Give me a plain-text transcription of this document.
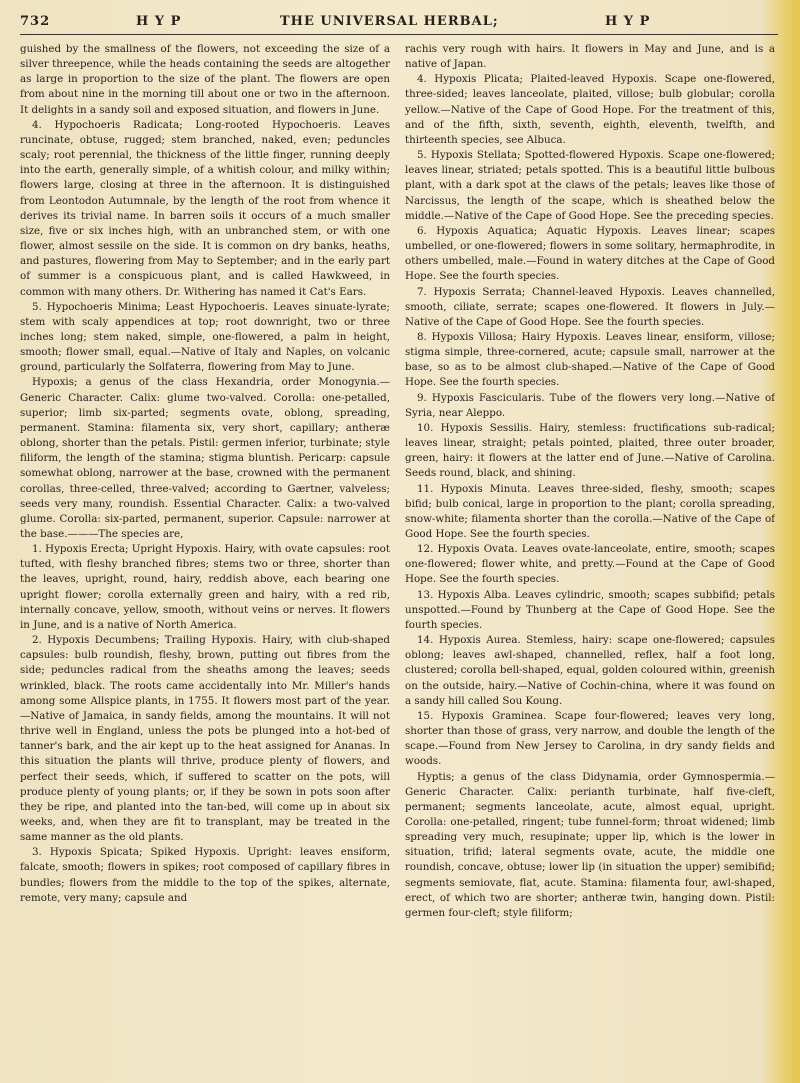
732	H Y P	THE UNIVERSAL HERBAL;	H Y P

guished by the smallness of the flowers, not exceeding the size of a silver threepence, while the heads containing the seeds are altogether as large in proportion to the size of the plant. The flowers are open from about nine in the morning till about one or two in the afternoon. It delights in a sandy soil and exposed situation, and flowers in June.

4. Hypochoeris Radicata; Long-rooted Hypochoeris. Leaves runcinate, obtuse, rugged; stem branched, naked, even; peduncles scaly; root perennial, the thickness of the little finger, running deeply into the earth, generally simple, of a whitish colour, and milky within; flowers large, closing at three in the afternoon. It is distinguished from Leontodon Autumnale, by the length of the root from whence it derives its trivial name. In barren soils it occurs of a much smaller size, five or six inches high, with an unbranched stem, or with one flower, almost sessile on the side. It is common on dry banks, heaths, and pastures, flowering from May to September; and in the early part of summer is a conspicuous plant, and is called Hawkweed, in common with many others. Dr. Withering has named it Cat's Ears.

5. Hypochoeris Minima; Least Hypochoeris. Leaves sinuate-lyrate; stem with scaly appendices at top; root downright, two or three inches long; stem naked, simple, one-flowered, a palm in height, smooth; flower small, equal.—Native of Italy and Naples, on volcanic ground, particularly the Solfaterra, flowering from May to June.

Hypoxis; a genus of the class Hexandria, order Monogynia.—Generic Character. Calix: glume two-valved. Corolla: one-petalled, superior; limb six-parted; segments ovate, oblong, spreading, permanent. Stamina: filamenta six, very short, capillary; antheræ oblong, shorter than the petals. Pistil: germen inferior, turbinate; style filiform, the length of the stamina; stigma bluntish. Pericarp: capsule somewhat oblong, narrower at the base, crowned with the permanent corollas, three-celled, three-valved; according to Gærtner, valveless; seeds very many, roundish. Essential Character. Calix: a two-valved glume. Corolla: six-parted, permanent, superior. Capsule: narrower at the base.———The species are,

1. Hypoxis Erecta; Upright Hypoxis. Hairy, with ovate capsules: root tufted, with fleshy branched fibres; stems two or three, shorter than the leaves, upright, round, hairy, reddish above, each bearing one upright flower; corolla externally green and hairy, with a red rib, internally concave, yellow, smooth, without veins or nerves. It flowers in June, and is a native of North America.

2. Hypoxis Decumbens; Trailing Hypoxis. Hairy, with club-shaped capsules: bulb roundish, fleshy, brown, putting out fibres from the side; peduncles radical from the sheaths among the leaves; seeds wrinkled, black. The roots came accidentally into Mr. Miller's hands among some Allspice plants, in 1755. It flowers most part of the year.—Native of Jamaica, in sandy fields, among the mountains. It will not thrive well in England, unless the pots be plunged into a hot-bed of tanner's bark, and the air kept up to the heat assigned for Ananas. In this situation the plants will thrive, produce plenty of flowers, and perfect their seeds, which, if suffered to scatter on the pots, will produce plenty of young plants; or, if they be sown in pots soon after they be ripe, and planted into the tan-bed, will come up in about six weeks, and, when they are fit to transplant, may be treated in the same manner as the old plants.

3. Hypoxis Spicata; Spiked Hypoxis. Upright: leaves ensiform, falcate, smooth; flowers in spikes; root composed of capillary fibres in bundles; flowers from the middle to the top of the spikes, alternate, remote, very many; capsule and

rachis very rough with hairs. It flowers in May and June, and is a native of Japan.

4. Hypoxis Plicata; Plaited-leaved Hypoxis. Scape one-flowered, three-sided; leaves lanceolate, plaited, villose; bulb globular; corolla yellow.—Native of the Cape of Good Hope. For the treatment of this, and of the fifth, sixth, seventh, eighth, eleventh, twelfth, and thirteenth species, see Albuca.

5. Hypoxis Stellata; Spotted-flowered Hypoxis. Scape one-flowered; leaves linear, striated; petals spotted. This is a beautiful little bulbous plant, with a dark spot at the claws of the petals; leaves like those of Narcissus, the length of the scape, which is sheathed below the middle.—Native of the Cape of Good Hope. See the preceding species.

6. Hypoxis Aquatica; Aquatic Hypoxis. Leaves linear; scapes umbelled, or one-flowered; flowers in some solitary, hermaphrodite, in others umbelled, male.—Found in watery ditches at the Cape of Good Hope. See the fourth species.

7. Hypoxis Serrata; Channel-leaved Hypoxis. Leaves channelled, smooth, ciliate, serrate; scapes one-flowered. It flowers in July.—Native of the Cape of Good Hope. See the fourth species.

8. Hypoxis Villosa; Hairy Hypoxis. Leaves linear, ensiform, villose; stigma simple, three-cornered, acute; capsule small, narrower at the base, so as to be almost club-shaped.—Native of the Cape of Good Hope. See the fourth species.

9. Hypoxis Fascicularis. Tube of the flowers very long.—Native of Syria, near Aleppo.

10. Hypoxis Sessilis. Hairy, stemless: fructifications sub-radical; leaves linear, straight; petals pointed, plaited, three outer broader, green, hairy: it flowers at the latter end of June.—Native of Carolina. Seeds round, black, and shining.

11. Hypoxis Minuta. Leaves three-sided, fleshy, smooth; scapes bifid; bulb conical, large in proportion to the plant; corolla spreading, snow-white; filamenta shorter than the corolla.—Native of the Cape of Good Hope. See the fourth species.

12. Hypoxis Ovata. Leaves ovate-lanceolate, entire, smooth; scapes one-flowered; flower white, and pretty.—Found at the Cape of Good Hope. See the fourth species.

13. Hypoxis Alba. Leaves cylindric, smooth; scapes subbifid; petals unspotted.—Found by Thunberg at the Cape of Good Hope. See the fourth species.

14. Hypoxis Aurea. Stemless, hairy: scape one-flowered; capsules oblong; leaves awl-shaped, channelled, reflex, half a foot long, clustered; corolla bell-shaped, equal, golden coloured within, greenish on the outside, hairy.—Native of Cochin-china, where it was found on a sandy hill called Sou Koung.

15. Hypoxis Graminea. Scape four-flowered; leaves very long, shorter than those of grass, very narrow, and double the length of the scape.—Found from New Jersey to Carolina, in dry sandy fields and woods.

Hyptis; a genus of the class Didynamia, order Gymnospermia.—Generic Character. Calix: perianth turbinate, half five-cleft, permanent; segments lanceolate, acute, almost equal, upright. Corolla: one-petalled, ringent; tube funnel-form; throat widened; limb spreading very much, resupinate; upper lip, which is the lower in situation, trifid; lateral segments ovate, acute, the middle one roundish, concave, obtuse; lower lip (in situation the upper) semibifid; segments semiovate, flat, acute. Stamina: filamenta four, awl-shaped, erect, of which two are shorter; antheræ twin, hanging down. Pistil: germen four-cleft; style filiform;
